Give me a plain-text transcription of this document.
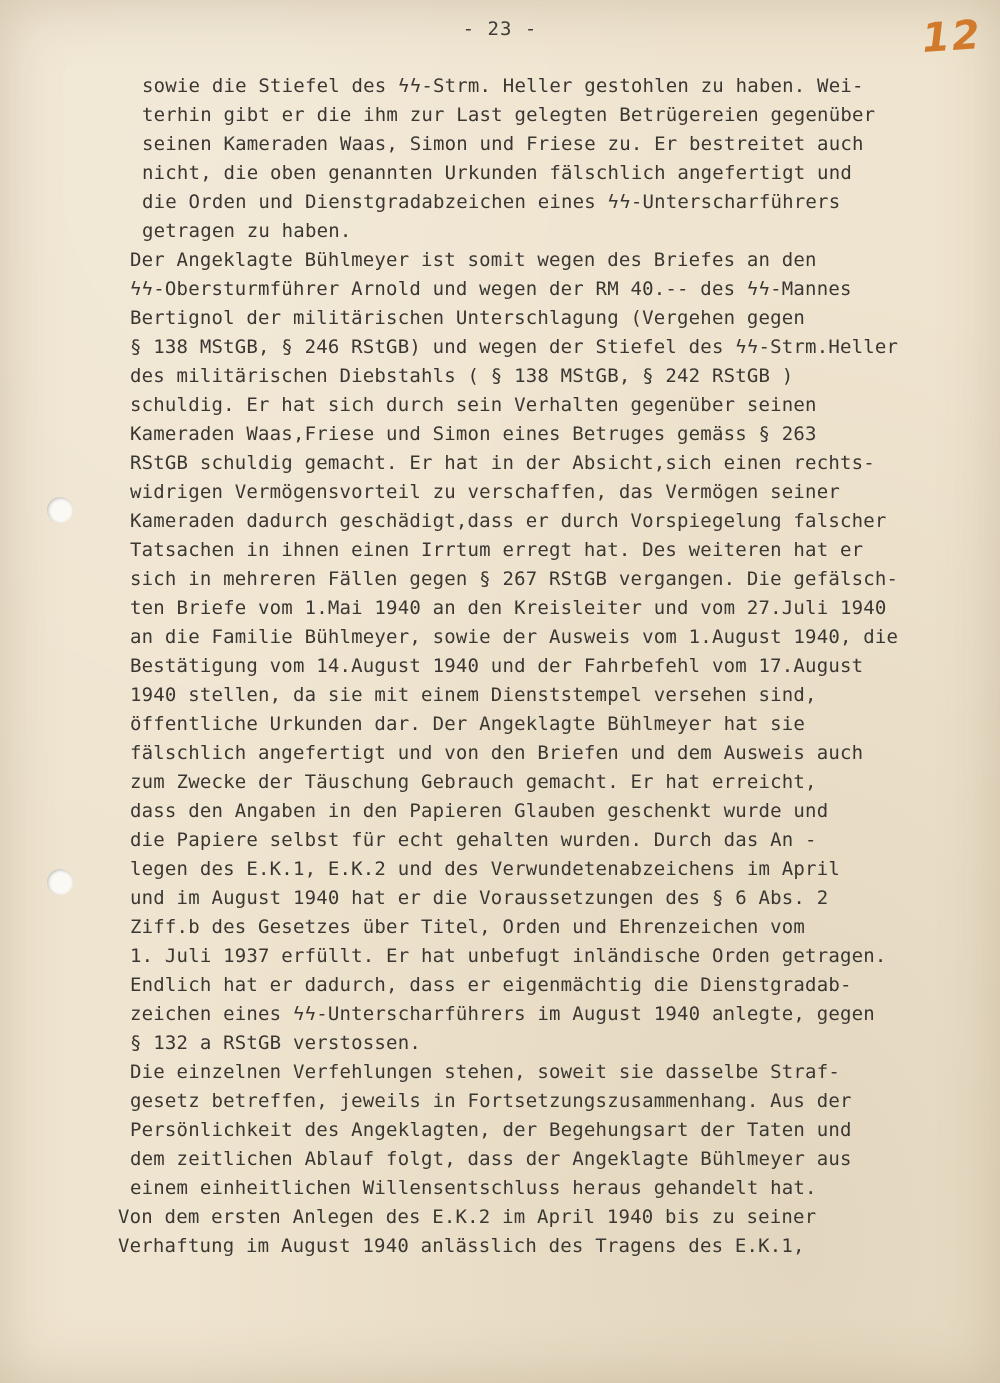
- 23 -	12
sowie die Stiefel des ϟϟ-Strm. Heller gestohlen zu haben. Wei-
terhin gibt er die ihm zur Last gelegten Betrügereien gegenüber
seinen Kameraden Waas, Simon und Friese zu. Er bestreitet auch
nicht, die oben genannten Urkunden fälschlich angefertigt und
die Orden und Dienstgradabzeichen eines ϟϟ-Unterscharführers
getragen zu haben.
Der Angeklagte Bühlmeyer ist somit wegen des Briefes an den
ϟϟ-Obersturmführer Arnold und wegen der RM 40.-- des ϟϟ-Mannes
Bertignol der militärischen Unterschlagung (Vergehen gegen
§ 138 MStGB, § 246 RStGB) und wegen der Stiefel des ϟϟ-Strm.Heller
des militärischen Diebstahls ( § 138 MStGB, § 242 RStGB )
schuldig. Er hat sich durch sein Verhalten gegenüber seinen
Kameraden Waas,Friese und Simon eines Betruges gemäss § 263
RStGB schuldig gemacht. Er hat in der Absicht,sich einen rechts-
widrigen Vermögensvorteil zu verschaffen, das Vermögen seiner
Kameraden dadurch geschädigt,dass er durch Vorspiegelung falscher
Tatsachen in ihnen einen Irrtum erregt hat. Des weiteren hat er
sich in mehreren Fällen gegen § 267 RStGB vergangen. Die gefälsch-
ten Briefe vom 1.Mai 1940 an den Kreisleiter und vom 27.Juli 1940
an die Familie Bühlmeyer, sowie der Ausweis vom 1.August 1940, die
Bestätigung vom 14.August 1940 und der Fahrbefehl vom 17.August
1940 stellen, da sie mit einem Dienststempel versehen sind,
öffentliche Urkunden dar. Der Angeklagte Bühlmeyer hat sie
fälschlich angefertigt und von den Briefen und dem Ausweis auch
zum Zwecke der Täuschung Gebrauch gemacht. Er hat erreicht,
dass den Angaben in den Papieren Glauben geschenkt wurde und
die Papiere selbst für echt gehalten wurden. Durch das An -
legen des E.K.1, E.K.2 und des Verwundetenabzeichens im April
und im August 1940 hat er die Voraussetzungen des § 6 Abs. 2
Ziff.b des Gesetzes über Titel, Orden und Ehrenzeichen vom
1. Juli 1937 erfüllt. Er hat unbefugt inländische Orden getragen.
Endlich hat er dadurch, dass er eigenmächtig die Dienstgradab-
zeichen eines ϟϟ-Unterscharführers im August 1940 anlegte, gegen
§ 132 a RStGB verstossen.
Die einzelnen Verfehlungen stehen, soweit sie dasselbe Straf-
gesetz betreffen, jeweils in Fortsetzungszusammenhang. Aus der
Persönlichkeit des Angeklagten, der Begehungsart der Taten und
dem zeitlichen Ablauf folgt, dass der Angeklagte Bühlmeyer aus
einem einheitlichen Willensentschluss heraus gehandelt hat.
Von dem ersten Anlegen des E.K.2 im April 1940 bis zu seiner
Verhaftung im August 1940 anlässlich des Tragens des E.K.1,
